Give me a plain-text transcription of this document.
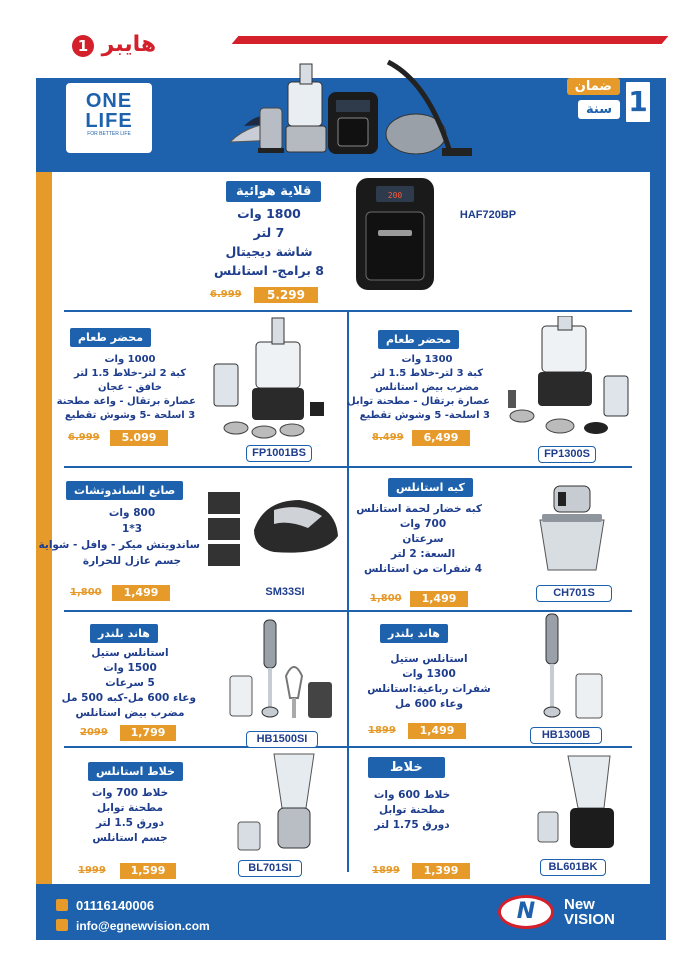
1 هايبر
ONE
LIFE
FOR BETTER LIFE
1
ضمان
سنة
قلاية هوائية
1800 وات
7 لتر
شاشة ديجيتال
8 برامج- استانلس
6.999	5.299
200
HAF720BP
محضر طعام
1000 وات
كبة 2 لتر-خلاط 1.5 لتر
خافق - عجان
عصارة برتقال - واعة مطحنة
3 اسلحة -5 وشوش تقطيع
6.999	5.099
FP1001BS
محضر طعام
1300 وات
كبة 3 لتر-خلاط 1.5 لتر
مضرب بيض استانلس
عصارة برتقال - مطحنة توابل
3 اسلحة- 5 وشوش تقطيع
8.499	6,499
FP1300S
صانع الساندوتشات
800 وات
3*1
ساندويتش ميكر - وافل - شواية
جسم عازل للحرارة
1,800	1,499	SM33SI
كبه استانلس
كبه خضار لحمة استانلس
700 وات
سرعتان
السعة: 2 لتر
4 شفرات من استانلس
1,800	1,499	CH701S
هاند بلندر
استانلس ستيل
1500 وات
5 سرعات
وعاء 600 مل-كبه 500 مل
مضرب بيض استانلس
2099	1,799	HB1500SI
هاند بلندر
استانلس ستيل
1300 وات
شفرات رباعية:استانلس
وعاء 600 مل
1899	1,499	HB1300B
خلاط استانلس
خلاط 700 وات
مطحنة توابل
دورق 1.5 لتر
جسم استانلس
1999	1,599	BL701SI
خلاط
خلاط 600 وات
مطحنة توابل
دورق 1.75 لتر
1899	1,399	BL601BK
01116140006
info@egnewvision.com
N	New
VISION
